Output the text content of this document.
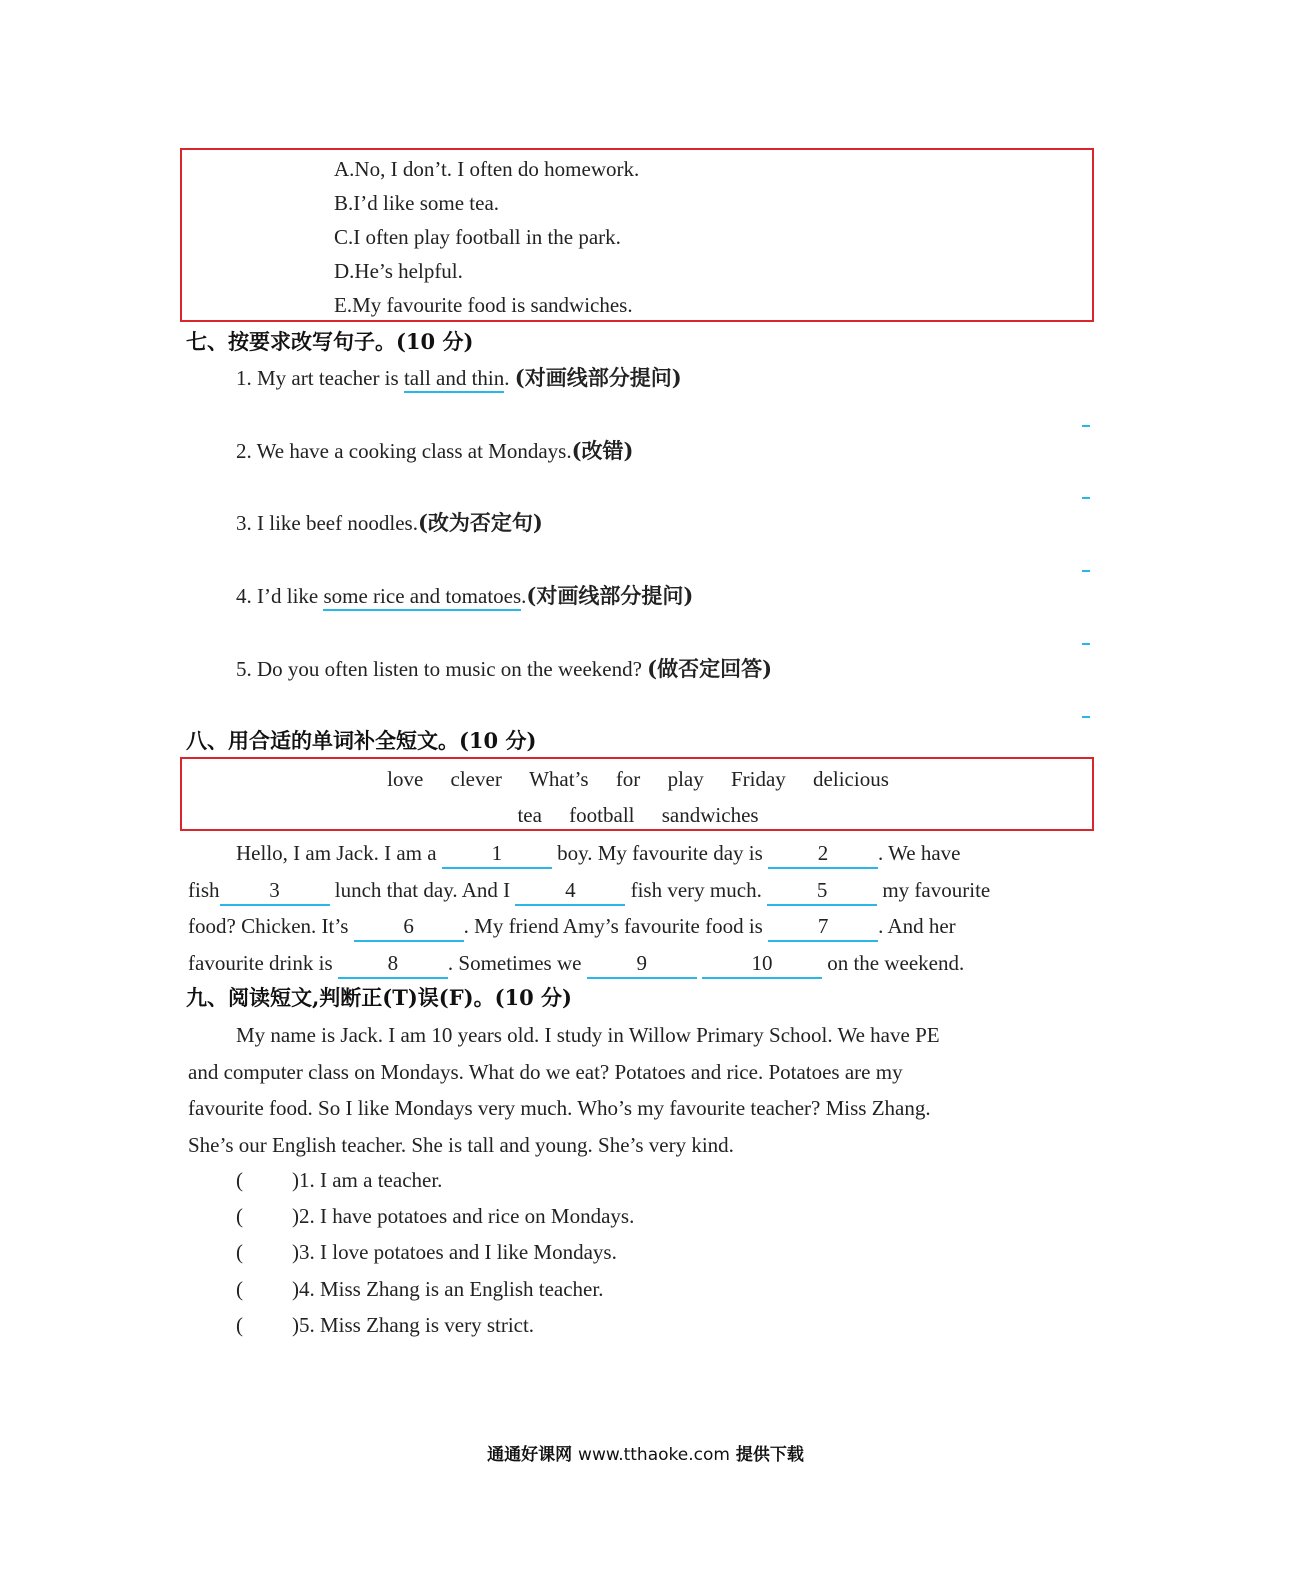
A.No, I don’t. I often do homework.
B.I’d like some tea.
C.I often play football in the park.
D.He’s helpful.
E.My favourite food is sandwiches.
七、按要求改写句子。(10 分)
1. My art teacher is tall and thin. (对画线部分提问)
2. We have a cooking class at Mondays.(改错)
3. I like beef noodles.(改为否定句)
4. I’d like some rice and tomatoes.(对画线部分提问)
5. Do you often listen to music on the weekend? (做否定回答)
八、用合适的单词补全短文。(10 分)
love clever What’s for play Friday delicious
tea football sandwiches
Hello, I am Jack. I am a 1 boy. My favourite day is 2 . We have
fish 3 lunch that day. And I 4 fish very much. 5 my favourite
food? Chicken. It’s 6 . My friend Amy’s favourite food is 7 . And her
favourite drink is 8 . Sometimes we 9	10 on the weekend.
九、阅读短文,判断正(T)误(F)。(10 分)
My name is Jack. I am 10 years old. I study in Willow Primary School. We have PE
and computer class on Mondays. What do we eat? Potatoes and rice. Potatoes are my
favourite food. So I like Mondays very much. Who’s my favourite teacher? Miss Zhang.
She’s our English teacher. She is tall and young. She’s very kind.
( )1. I am a teacher.
( )2. I have potatoes and rice on Mondays.
( )3. I love potatoes and I like Mondays.
( )4. Miss Zhang is an English teacher.
( )5. Miss Zhang is very strict.
通通好课网 www.tthaoke.com 提供下载
